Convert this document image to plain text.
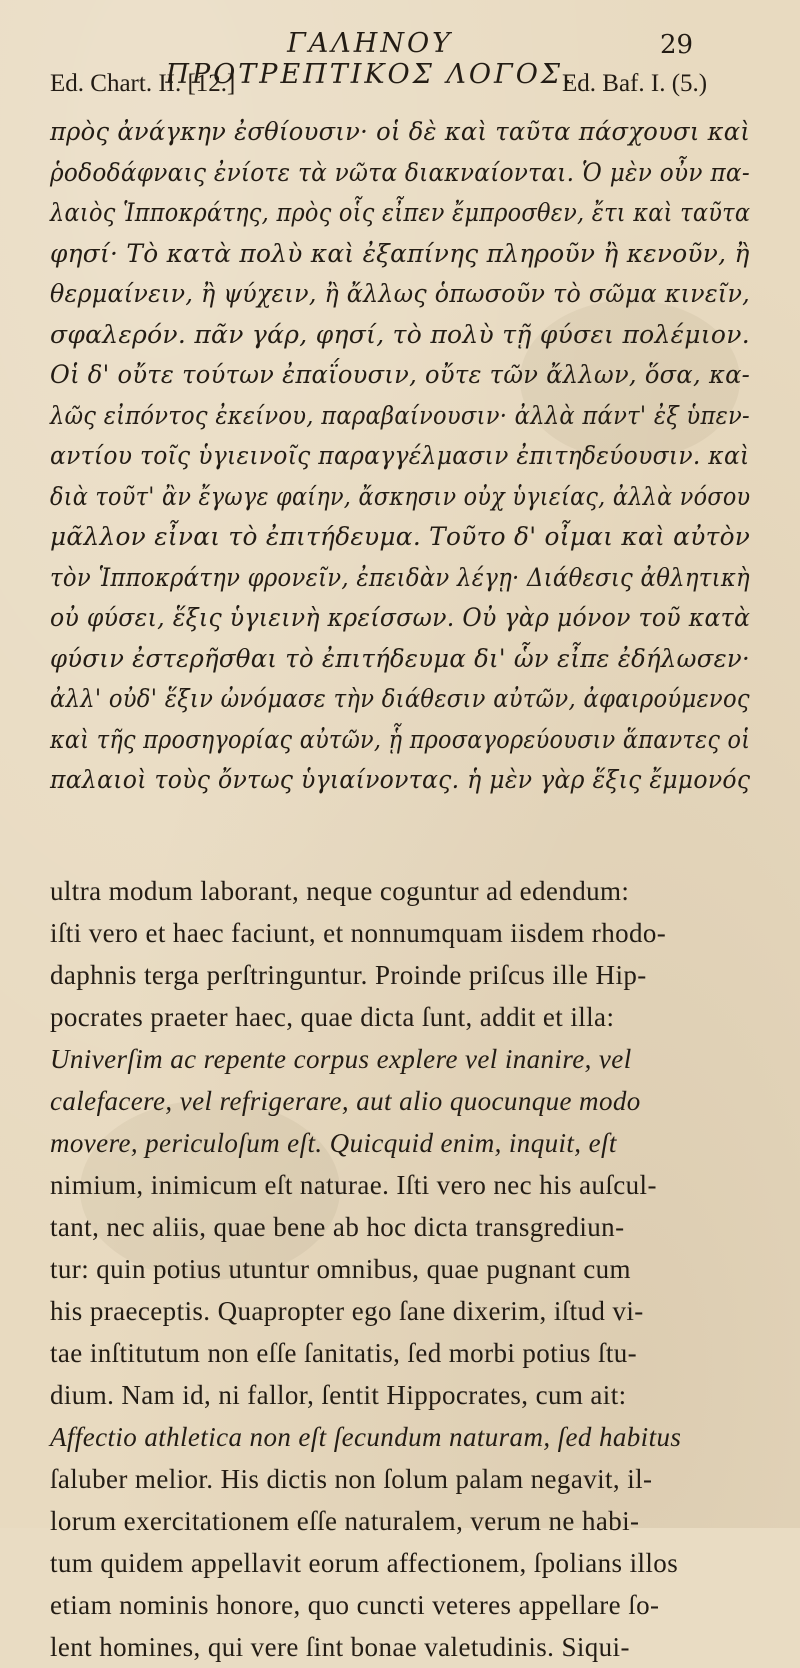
ΓΑΛΗΝΟΥ ΠΡΟΤΡΕΠΤΙΚΟΣ ΛΟΓΟΣ.
29
Ed. Chart. II. [12.]	Ed. Baf. I. (5.)
πρὸς ἀνάγκην ἐσθίουσιν· οἱ δὲ καὶ ταῦτα πάσχουσι καὶ
ῥοδοδάφναις ἐνίοτε τὰ νῶτα διακναίονται. Ὁ μὲν οὖν πα-
λαιὸς Ἱπποκράτης, πρὸς οἷς εἶπεν ἔμπροσθεν, ἔτι καὶ ταῦτα
φησί· Τὸ κατὰ πολὺ καὶ ἐξαπίνης πληροῦν ἢ κενοῦν, ἢ
θερμαίνειν, ἢ ψύχειν, ἢ ἄλλως ὁπωσοῦν τὸ σῶμα κινεῖν,
σφαλερόν. πᾶν γάρ, φησί, τὸ πολὺ τῇ φύσει πολέμιον.
Οἱ δ' οὔτε τούτων ἐπαΐουσιν, οὔτε τῶν ἄλλων, ὅσα, κα-
λῶς εἰπόντος ἐκείνου, παραβαίνουσιν· ἀλλὰ πάντ' ἐξ ὑπεν-
αντίου τοῖς ὑγιεινοῖς παραγγέλμασιν ἐπιτηδεύουσιν. καὶ
διὰ τοῦτ' ἂν ἔγωγε φαίην, ἄσκησιν οὐχ ὑγιείας, ἀλλὰ νόσου
μᾶλλον εἶναι τὸ ἐπιτήδευμα. Τοῦτο δ' οἶμαι καὶ αὐτὸν
τὸν Ἱπποκράτην φρονεῖν, ἐπειδὰν λέγῃ· Διάθεσις ἀθλητικὴ
οὐ φύσει, ἕξις ὑγιεινὴ κρείσσων. Οὐ γὰρ μόνον τοῦ κατὰ
φύσιν ἐστερῆσθαι τὸ ἐπιτήδευμα δι' ὧν εἶπε ἐδήλωσεν·
ἀλλ' οὐδ' ἕξιν ὠνόμασε τὴν διάθεσιν αὐτῶν, ἀφαιρούμενος
καὶ τῆς προσηγορίας αὐτῶν, ᾗ προσαγορεύουσιν ἅπαντες οἱ
παλαιοὶ τοὺς ὄντως ὑγιαίνοντας. ἡ μὲν γὰρ ἕξις ἔμμονός
ultra modum laborant, neque coguntur ad edendum:
iſti vero et haec faciunt, et nonnumquam iisdem rhodo-
daphnis terga perſtringuntur. Proinde priſcus ille Hip-
pocrates praeter haec, quae dicta ſunt, addit et illa:
Univerſim ac repente corpus explere vel inanire, vel
calefacere, vel refrigerare, aut alio quocunque modo
movere, periculoſum eſt. Quicquid enim, inquit, eſt
nimium, inimicum eſt naturae. Iſti vero nec his auſcul-
tant, nec aliis, quae bene ab hoc dicta transgrediun-
tur: quin potius utuntur omnibus, quae pugnant cum
his praeceptis. Quapropter ego ſane dixerim, iſtud vi-
tae inſtitutum non eſſe ſanitatis, ſed morbi potius ſtu-
dium. Nam id, ni fallor, ſentit Hippocrates, cum ait:
Affectio athletica non eſt ſecundum naturam, ſed habitus
ſaluber melior. His dictis non ſolum palam negavit, il-
lorum exercitationem eſſe naturalem, verum ne habi-
tum quidem appellavit eorum affectionem, ſpolians illos
etiam nominis honore, quo cuncti veteres appellare ſo-
lent homines, qui vere ſint bonae valetudinis. Siqui-
